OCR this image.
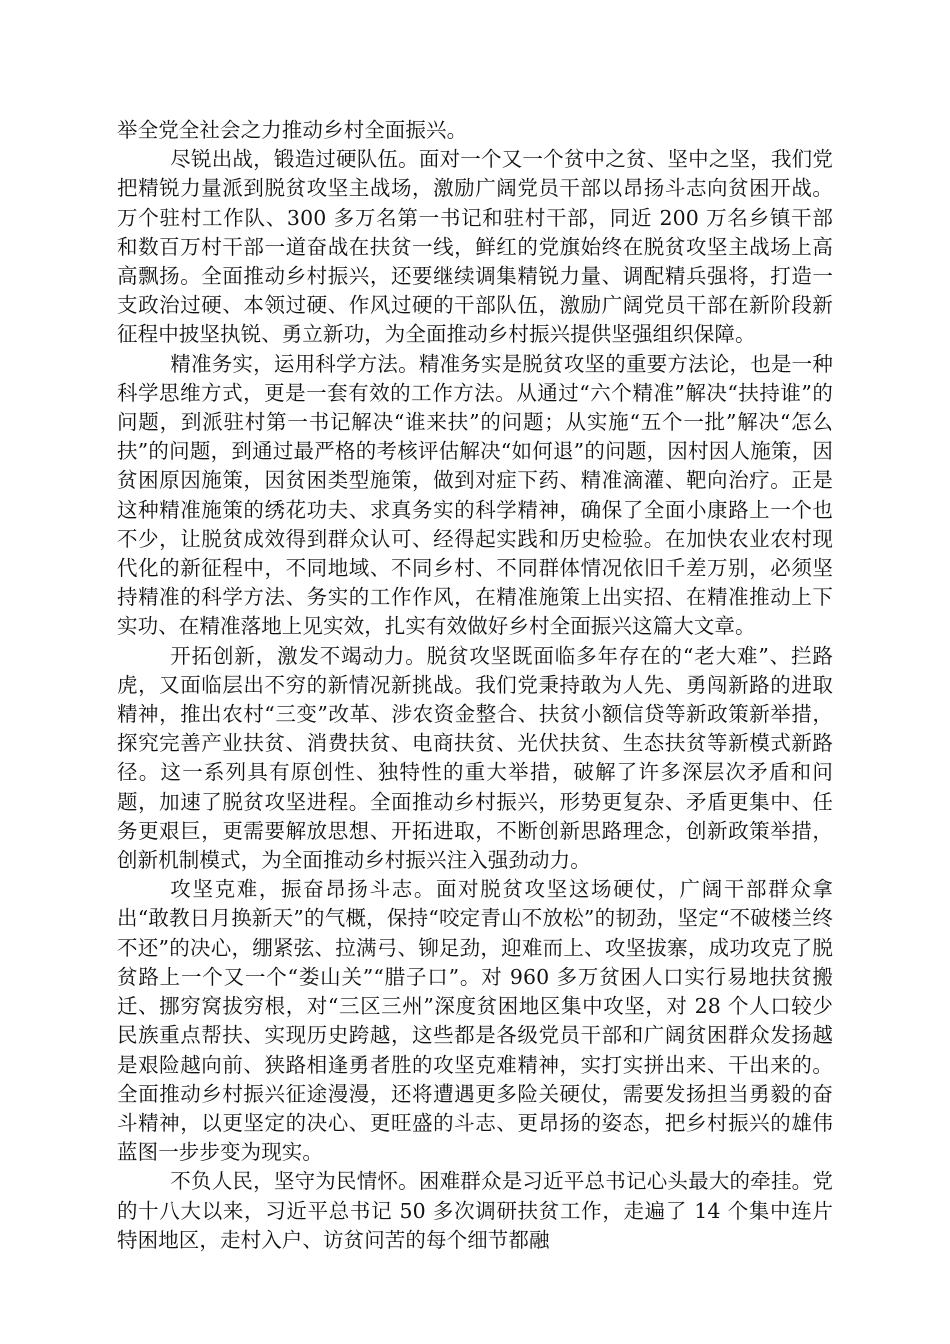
举全党全社会之力推动乡村全面振兴。

尽锐出战，锻造过硬队伍。面对一个又一个贫中之贫、坚中之坚，我们党把精锐力量派到脱贫攻坚主战场，激励广阔党员干部以昂扬斗志向贫困开战。万个驻村工作队、300 多万名第一书记和驻村干部，同近 200 万名乡镇干部和数百万村干部一道奋战在扶贫一线，鲜红的党旗始终在脱贫攻坚主战场上高高飘扬。全面推动乡村振兴，还要继续调集精锐力量、调配精兵强将，打造一支政治过硬、本领过硬、作风过硬的干部队伍，激励广阔党员干部在新阶段新征程中披坚执锐、勇立新功，为全面推动乡村振兴提供坚强组织保障。

精准务实，运用科学方法。精准务实是脱贫攻坚的重要方法论，也是一种科学思维方式，更是一套有效的工作方法。从通过“六个精准”解决“扶持谁”的问题，到派驻村第一书记解决“谁来扶”的问题；从实施“五个一批”解决“怎么扶”的问题，到通过最严格的考核评估解决“如何退”的问题，因村因人施策，因贫困原因施策，因贫困类型施策，做到对症下药、精准滴灌、靶向治疗。正是这种精准施策的绣花功夫、求真务实的科学精神，确保了全面小康路上一个也不少，让脱贫成效得到群众认可、经得起实践和历史检验。在加快农业农村现代化的新征程中，不同地域、不同乡村、不同群体情况依旧千差万别，必须坚持精准的科学方法、务实的工作作风，在精准施策上出实招、在精准推动上下实功、在精准落地上见实效，扎实有效做好乡村全面振兴这篇大文章。

开拓创新，激发不竭动力。脱贫攻坚既面临多年存在的“老大难”、拦路虎，又面临层出不穷的新情况新挑战。我们党秉持敢为人先、勇闯新路的进取精神，推出农村“三变”改革、涉农资金整合、扶贫小额信贷等新政策新举措，探究完善产业扶贫、消费扶贫、电商扶贫、光伏扶贫、生态扶贫等新模式新路径。这一系列具有原创性、独特性的重大举措，破解了许多深层次矛盾和问题，加速了脱贫攻坚进程。全面推动乡村振兴，形势更复杂、矛盾更集中、任务更艰巨，更需要解放思想、开拓进取，不断创新思路理念，创新政策举措，创新机制模式，为全面推动乡村振兴注入强劲动力。

攻坚克难，振奋昂扬斗志。面对脱贫攻坚这场硬仗，广阔干部群众拿出“敢教日月换新天”的气概，保持“咬定青山不放松”的韧劲，坚定“不破楼兰终不还”的决心，绷紧弦、拉满弓、铆足劲，迎难而上、攻坚拔寨，成功攻克了脱贫路上一个又一个“娄山关”“腊子口”。对 960 多万贫困人口实行易地扶贫搬迁、挪穷窝拔穷根，对“三区三州”深度贫困地区集中攻坚，对 28 个人口较少民族重点帮扶、实现历史跨越，这些都是各级党员干部和广阔贫困群众发扬越是艰险越向前、狭路相逢勇者胜的攻坚克难精神，实打实拼出来、干出来的。全面推动乡村振兴征途漫漫，还将遭遇更多险关硬仗，需要发扬担当勇毅的奋斗精神，以更坚定的决心、更旺盛的斗志、更昂扬的姿态，把乡村振兴的雄伟蓝图一步步变为现实。

不负人民，坚守为民情怀。困难群众是习近平总书记心头最大的牵挂。党的十八大以来，习近平总书记 50 多次调研扶贫工作，走遍了 14 个集中连片特困地区，走村入户、访贫问苦的每个细节都融
